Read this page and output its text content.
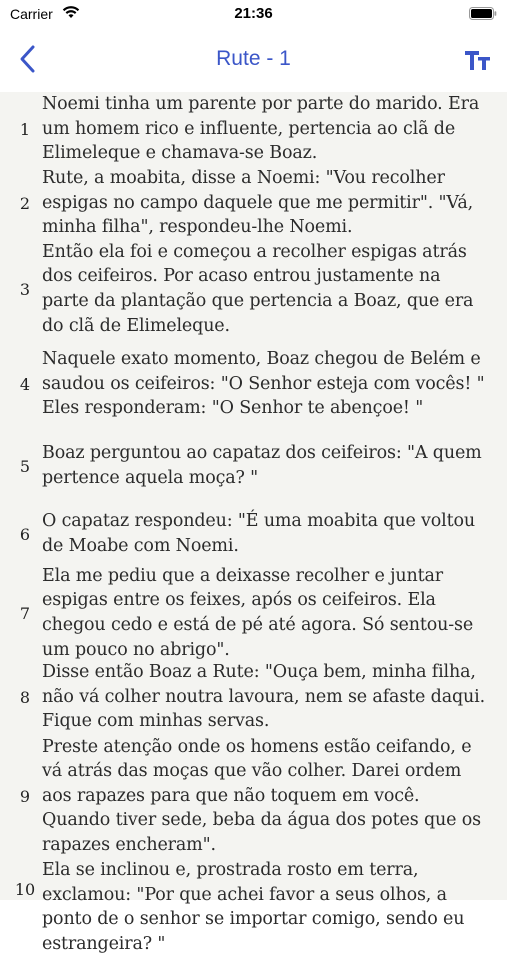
Carrier	21:36
Rute - 1
1
Noemi tinha um parente por parte do marido. Era um homem rico e influente, pertencia ao clã de Elimeleque e chamava-se Boaz.
2
Rute, a moabita, disse a Noemi: "Vou recolher espigas no campo daquele que me permitir". "Vá, minha filha", respondeu-lhe Noemi.
3
Então ela foi e começou a recolher espigas atrás dos ceifeiros. Por acaso entrou justamente na parte da plantação que pertencia a Boaz, que era do clã de Elimeleque.
4
Naquele exato momento, Boaz chegou de Belém e saudou os ceifeiros: "O Senhor esteja com vocês! " Eles responderam: "O Senhor te abençoe! "
5
Boaz perguntou ao capataz dos ceifeiros: "A quem pertence aquela moça? "
6
O capataz respondeu: "É uma moabita que voltou de Moabe com Noemi.
7
Ela me pediu que a deixasse recolher e juntar espigas entre os feixes, após os ceifeiros. Ela chegou cedo e está de pé até agora. Só sentou-se um pouco no abrigo".
8
Disse então Boaz a Rute: "Ouça bem, minha filha, não vá colher noutra lavoura, nem se afaste daqui. Fique com minhas servas.
9
Preste atenção onde os homens estão ceifando, e vá atrás das moças que vão colher. Darei ordem aos rapazes para que não toquem em você. Quando tiver sede, beba da água dos potes que os rapazes encheram".
10
Ela se inclinou e, prostrada rosto em terra, exclamou: "Por que achei favor a seus olhos, a ponto de o senhor se importar comigo, sendo eu estrangeira? "
